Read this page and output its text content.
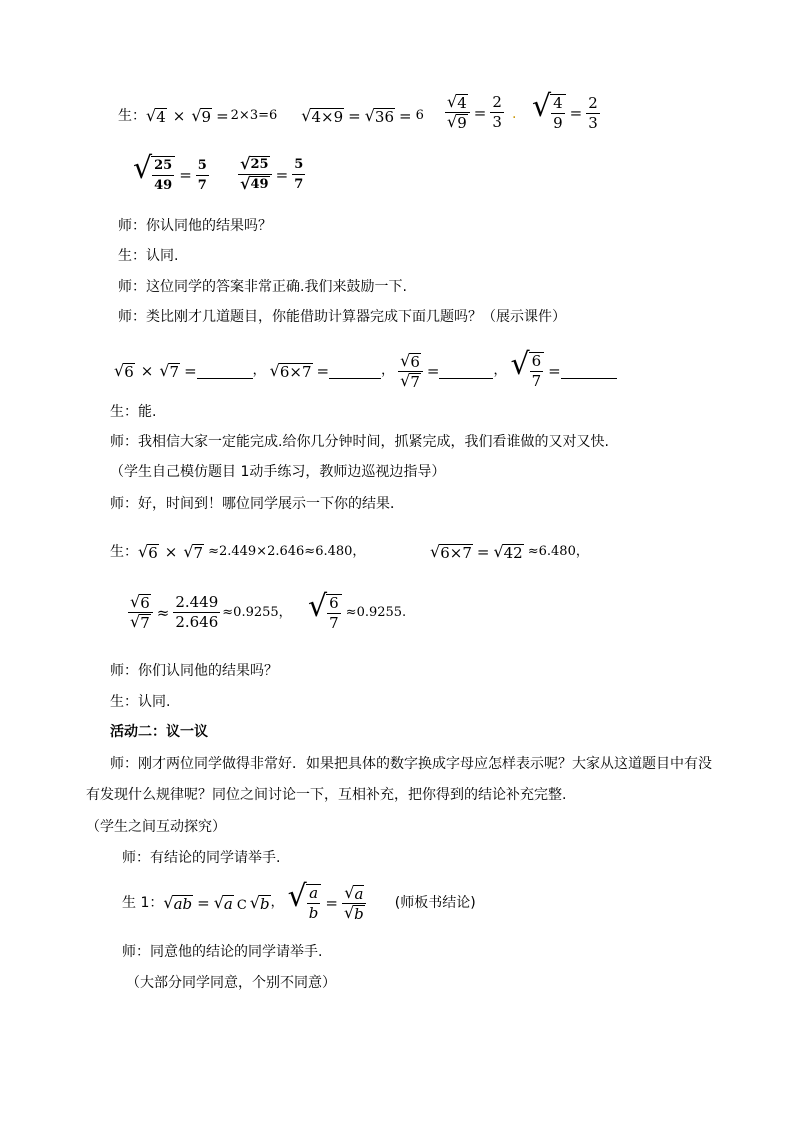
生： √ 4 × √ 9 = 2×3=6 √ 4×9 = √ 36 = 6
√ 4
√ 9
=
2
3 · √ 4
9
=
2
3
√ 25
49
=
5
7
√ 25
√ 49
=
5
7
师：你认同他的结果吗？
生：认同.
师：这位同学的答案非常正确.我们来鼓励一下.
师：类比刚才几道题目，你能借助计算器完成下面几题吗？（展示课件）
√ 6 × √ 7 =	， √ 6×7 =	，
√ 6
√ 7
=	， √ 6
7
=
生：能.
师：我相信大家一定能完成.给你几分钟时间，抓紧完成，我们看谁做的又对又快.
（学生自己模仿题目 1动手练习，教师边巡视边指导）
师：好，时间到！哪位同学展示一下你的结果．
生： √ 6 × √ 7 ≈2.449×2.646≈6.480，	√ 6×7 = √ 42 ≈6.480，
√ 6
√ 7
≈ $\frac{2.449}{2.646} \approx 0.9255$， √ 6
7
≈0.9255.
师：你们认同他的结果吗？
生：认同.
活动二：议一议
师：刚才两位同学做得非常好．如果把具体的数字换成字母应怎样表示呢？大家从这道题目中有没
有发现什么规律呢？同位之间讨论一下，互相补充，把你得到的结论补充完整.
（学生之间互动探究）
师：有结论的同学请举手.
生 1： √ ab = √ a C √ b ， √ a
b
=
√ a
√ b
(师板书结论)
师：同意他的结论的同学请举手.
（大部分同学同意，个别不同意）
